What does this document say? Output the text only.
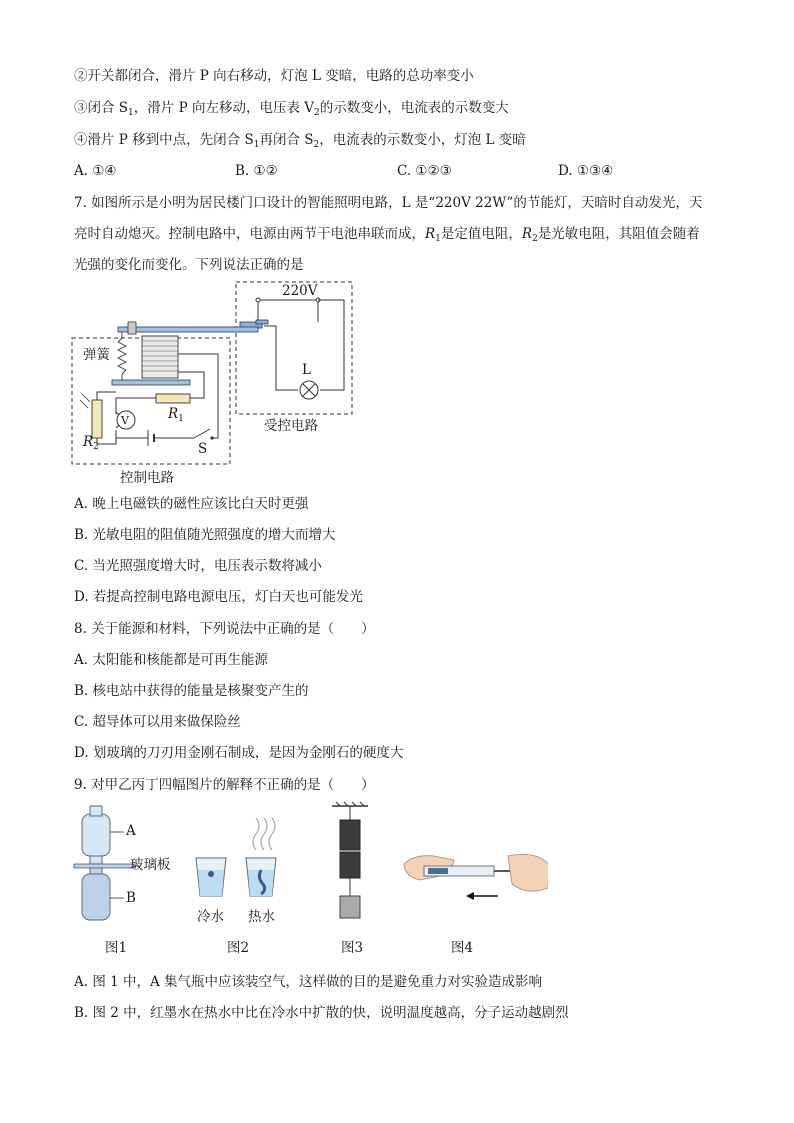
②开关都闭合，滑片 P 向右移动，灯泡 L 变暗，电路的总功率变小
③闭合 $S_1$，滑片 P 向左移动，电压表 $V_2$的示数变小，电流表的示数变大
④滑片 P 移到中点，先闭合 $S_1$再闭合 $S_2$，电流表的示数变小，灯泡 L 变暗
A. ①④	B. ①②	C. ①②③	D. ①③④
7. 如图所示是小明为居民楼门口设计的智能照明电路，L 是“220V 22W”的节能灯，天暗时自动发光，天
亮时自动熄灭。控制电路中，电源由两节干电池串联而成，$R_1$是定值电阻，$R_2$是光敏电阻，其阻值会随着
光强的变化而变化。下列说法正确的是
220V
L
弹簧
$R_1$
$R_2$
V
S
受控电路
控制电路
A. 晚上电磁铁的磁性应该比白天时更强
B. 光敏电阻的阻值随光照强度的增大而增大
C. 当光照强度增大时，电压表示数将减小
D. 若提高控制电路电源电压，灯白天也可能发光
8. 关于能源和材料，下列说法中正确的是（　　）
A. 太阳能和核能都是可再生能源
B. 核电站中获得的能量是核聚变产生的
C. 超导体可以用来做保险丝
D. 划玻璃的刀刃用金刚石制成，是因为金刚石的硬度大
9. 对甲乙丙丁四幅图片的解释不正确的是（　　）
A
玻璃板
B
冷水 热水
图1	图2	图3	图4
A. 图 1 中，A 集气瓶中应该装空气，这样做的目的是避免重力对实验造成影响
B. 图 2 中，红墨水在热水中比在冷水中扩散的快，说明温度越高，分子运动越剧烈
